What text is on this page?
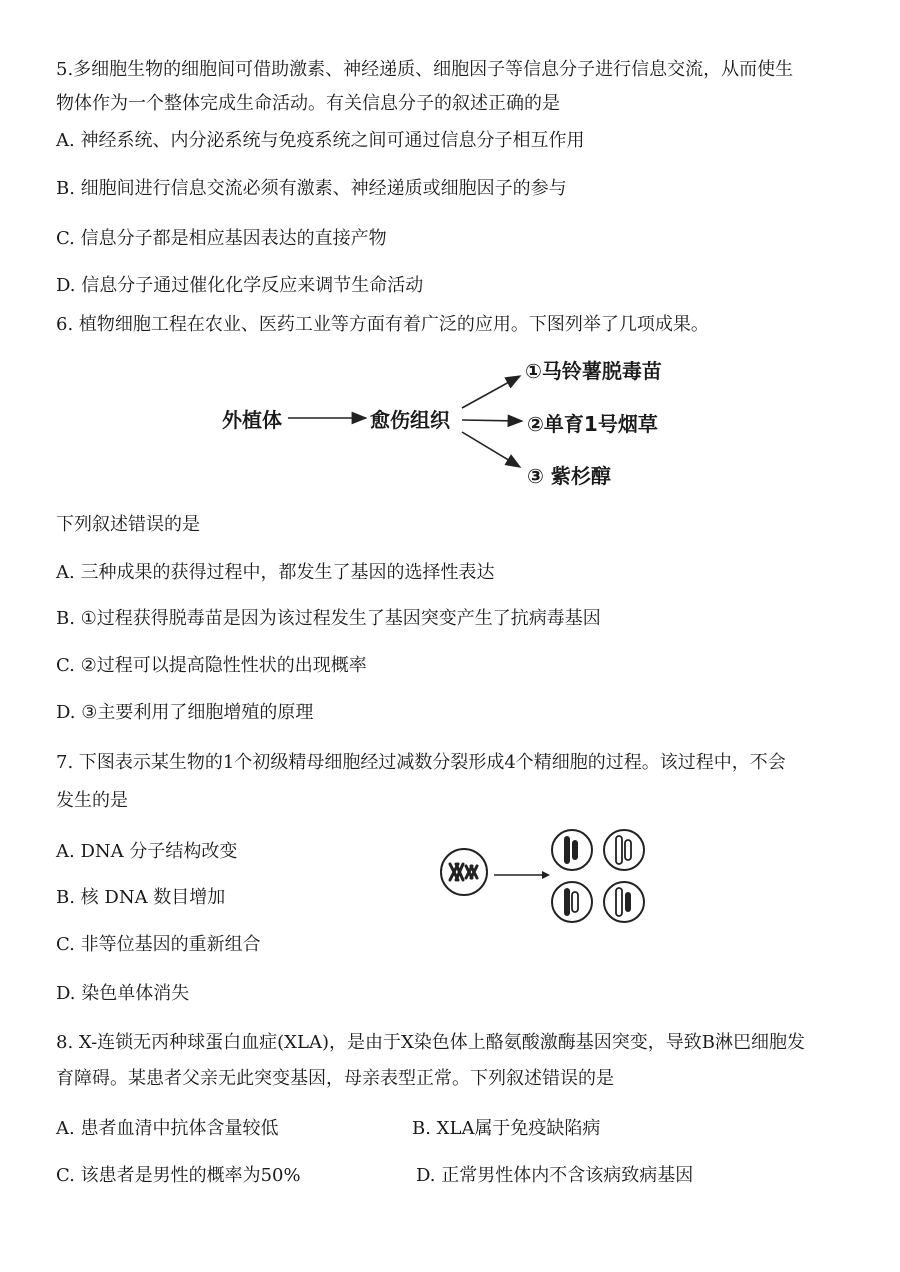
5.多细胞生物的细胞间可借助激素、神经递质、细胞因子等信息分子进行信息交流，从而使生
物体作为一个整体完成生命活动。有关信息分子的叙述正确的是
A. 神经系统、内分泌系统与免疫系统之间可通过信息分子相互作用
B. 细胞间进行信息交流必须有激素、神经递质或细胞因子的参与
C. 信息分子都是相应基因表达的直接产物
D. 信息分子通过催化化学反应来调节生命活动
6. 植物细胞工程在农业、医药工业等方面有着广泛的应用。下图列举了几项成果。
外植体	愈伤组织
①马铃薯脱毒苗
②单育1号烟草
③ 紫杉醇
下列叙述错误的是
A. 三种成果的获得过程中，都发生了基因的选择性表达
B. ①过程获得脱毒苗是因为该过程发生了基因突变产生了抗病毒基因
C. ②过程可以提高隐性性状的出现概率
D. ③主要利用了细胞增殖的原理
7. 下图表示某生物的1个初级精母细胞经过减数分裂形成4个精细胞的过程。该过程中，不会
发生的是
A. DNA 分子结构改变
B. 核 DNA 数目增加
C. 非等位基因的重新组合
D. 染色单体消失
8. X-连锁无丙种球蛋白血症(XLA)，是由于X染色体上酪氨酸激酶基因突变，导致B淋巴细胞发
育障碍。某患者父亲无此突变基因，母亲表型正常。下列叙述错误的是
A. 患者血清中抗体含量较低	B. XLA属于免疫缺陷病
C. 该患者是男性的概率为50%	D. 正常男性体内不含该病致病基因
